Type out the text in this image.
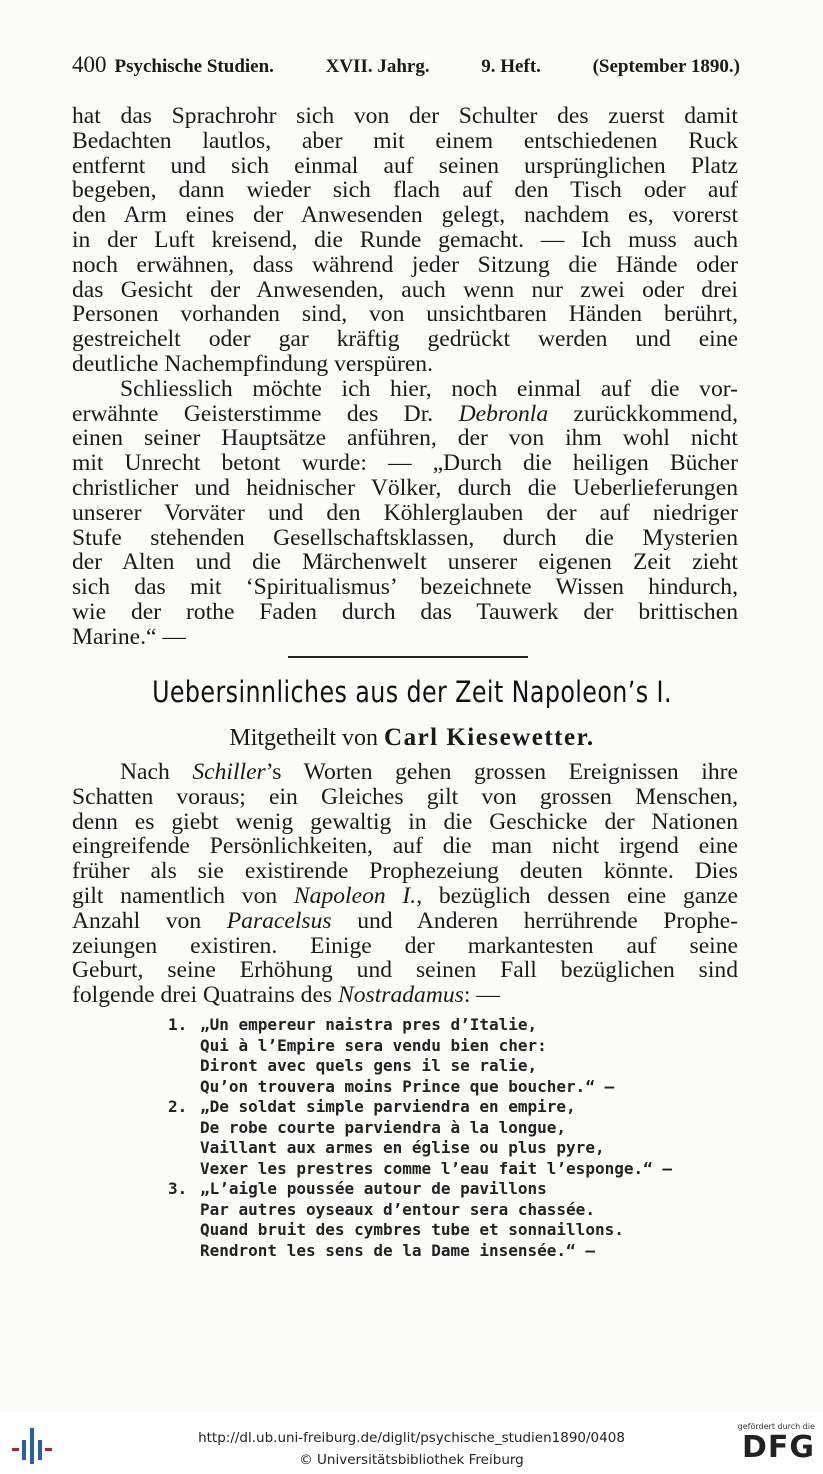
400 Psychische Studien.	XVII. Jahrg.	9. Heft.	(September 1890.)

hat das Sprachrohr sich von der Schulter des zuerst damit
Bedachten lautlos, aber mit einem entschiedenen Ruck
entfernt und sich einmal auf seinen ursprünglichen Platz
begeben, dann wieder sich flach auf den Tisch oder auf
den Arm eines der Anwesenden gelegt, nachdem es, vorerst
in der Luft kreisend, die Runde gemacht. — Ich muss auch
noch erwähnen, dass während jeder Sitzung die Hände oder
das Gesicht der Anwesenden, auch wenn nur zwei oder drei
Personen vorhanden sind, von unsichtbaren Händen berührt,
gestreichelt oder gar kräftig gedrückt werden und eine
deutliche Nachempfindung verspüren.

Schliesslich möchte ich hier, noch einmal auf die vor-
erwähnte Geisterstimme des Dr. Debronla zurückkommend,
einen seiner Hauptsätze anführen, der von ihm wohl nicht
mit Unrecht betont wurde: — „Durch die heiligen Bücher
christlicher und heidnischer Völker, durch die Ueberlieferungen
unserer Vorväter und den Köhlerglauben der auf niedriger
Stufe stehenden Gesellschaftsklassen, durch die Mysterien
der Alten und die Märchenwelt unserer eigenen Zeit zieht
sich das mit ‘Spiritualismus’ bezeichnete Wissen hindurch,
wie der rothe Faden durch das Tauwerk der brittischen
Marine.“ —

Uebersinnliches aus der Zeit Napoleon’s I.
Mitgetheilt von Carl Kiesewetter.

Nach Schiller’s Worten gehen grossen Ereignissen ihre
Schatten voraus; ein Gleiches gilt von grossen Menschen,
denn es giebt wenig gewaltig in die Geschicke der Nationen
eingreifende Persönlichkeiten, auf die man nicht irgend eine
früher als sie existirende Prophezeiung deuten könnte. Dies
gilt namentlich von Napoleon I., bezüglich dessen eine ganze
Anzahl von Paracelsus und Anderen herrührende Prophe-
zeiungen existiren. Einige der markantesten auf seine
Geburt, seine Erhöhung und seinen Fall bezüglichen sind
folgende drei Quatrains des Nostradamus: —

1. „Un empereur naistra pres d’Italie,
Qui à l’Empire sera vendu bien cher:
Diront avec quels gens il se ralie,
Qu’on trouvera moins Prince que boucher.“ —
2. „De soldat simple parviendra en empire,
De robe courte parviendra à la longue,
Vaillant aux armes en église ou plus pyre,
Vexer les prestres comme l’eau fait l’esponge.“ —
3. „L’aigle poussée autour de pavillons
Par autres oyseaux d’entour sera chassée.
Quand bruit des cymbres tube et sonnaillons.
Rendront les sens de la Dame insensée.“ —
http://dl.ub.uni-freiburg.de/diglit/psychische_studien1890/0408
© Universitätsbibliothek Freiburg
gefördert durch die
DFG
